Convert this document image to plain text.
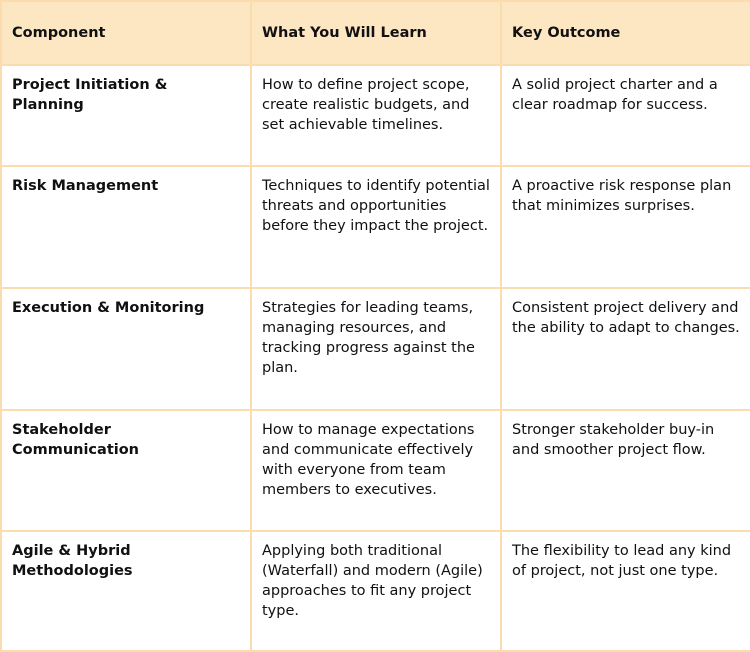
Component	What You Will Learn	Key Outcome
Project Initiation & Planning	How to define project scope, create realistic budgets, and set achievable timelines.	A solid project charter and a clear roadmap for success.
Risk Management	Techniques to identify potential threats and opportunities before they impact the project.	A proactive risk response plan that minimizes surprises.
Execution & Monitoring	Strategies for leading teams, managing resources, and tracking progress against the plan.	Consistent project delivery and the ability to adapt to changes.
Stakeholder Communication	How to manage expectations and communicate effectively with everyone from team members to executives.	Stronger stakeholder buy-in and smoother project flow.
Agile & Hybrid Methodologies	Applying both traditional (Waterfall) and modern (Agile) approaches to fit any project type.	The flexibility to lead any kind of project, not just one type.
